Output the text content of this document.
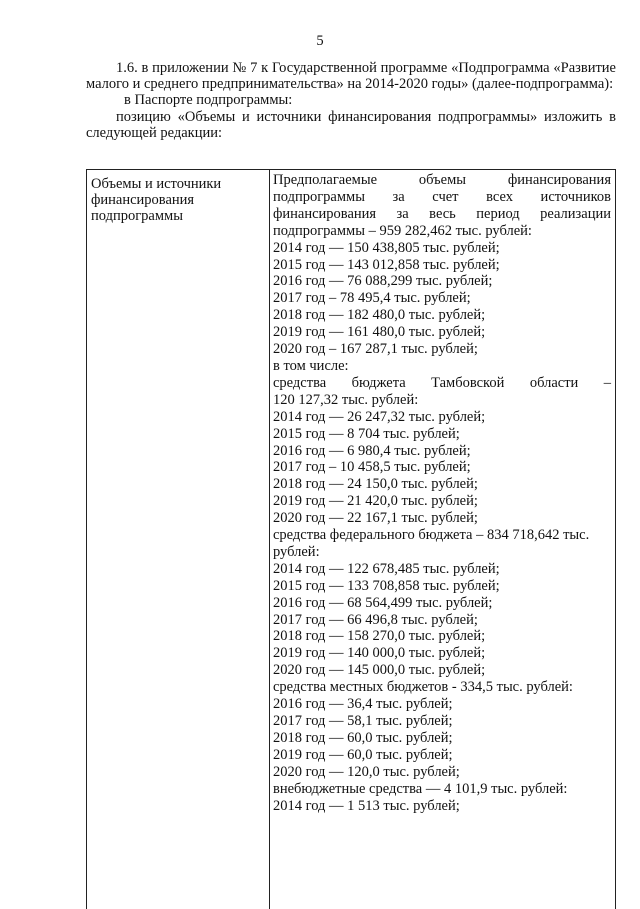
5

1.6. в приложении № 7 к Государственной программе «Подпрограмма «Развитие малого и среднего предпринимательства» на 2014-2020 годы» (далее-подпрограмма):

в Паспорте подпрограммы:

позицию «Объемы и источники финансирования подпрограммы» изложить в следующей редакции:

Объемы и источники
финансирования
подпрограммы
Предполагаемые объемы финансирования
подпрограммы за счет всех источников
финансирования за весь период реализации
подпрограммы – 959 282,462 тыс. рублей:
2014 год — 150 438,805 тыс. рублей;
2015 год — 143 012,858 тыс. рублей;
2016 год — 76 088,299 тыс. рублей;
2017 год – 78 495,4 тыс. рублей;
2018 год — 182 480,0 тыс. рублей;
2019 год — 161 480,0 тыс. рублей;
2020 год – 167 287,1 тыс. рублей;
в том числе:
средства бюджета Тамбовской области –
120 127,32 тыс. рублей:
2014 год — 26 247,32 тыс. рублей;
2015 год — 8 704 тыс. рублей;
2016 год — 6 980,4 тыс. рублей;
2017 год – 10 458,5 тыс. рублей;
2018 год — 24 150,0 тыс. рублей;
2019 год — 21 420,0 тыс. рублей;
2020 год — 22 167,1 тыс. рублей;
средства федерального бюджета – 834 718,642 тыс.
рублей:
2014 год — 122 678,485 тыс. рублей;
2015 год — 133 708,858 тыс. рублей;
2016 год — 68 564,499 тыс. рублей;
2017 год — 66 496,8 тыс. рублей;
2018 год — 158 270,0 тыс. рублей;
2019 год — 140 000,0 тыс. рублей;
2020 год — 145 000,0 тыс. рублей;
средства местных бюджетов - 334,5 тыс. рублей:
2016 год — 36,4 тыс. рублей;
2017 год — 58,1 тыс. рублей;
2018 год — 60,0 тыс. рублей;
2019 год — 60,0 тыс. рублей;
2020 год — 120,0 тыс. рублей;
внебюджетные средства — 4 101,9 тыс. рублей:
2014 год — 1 513 тыс. рублей;
